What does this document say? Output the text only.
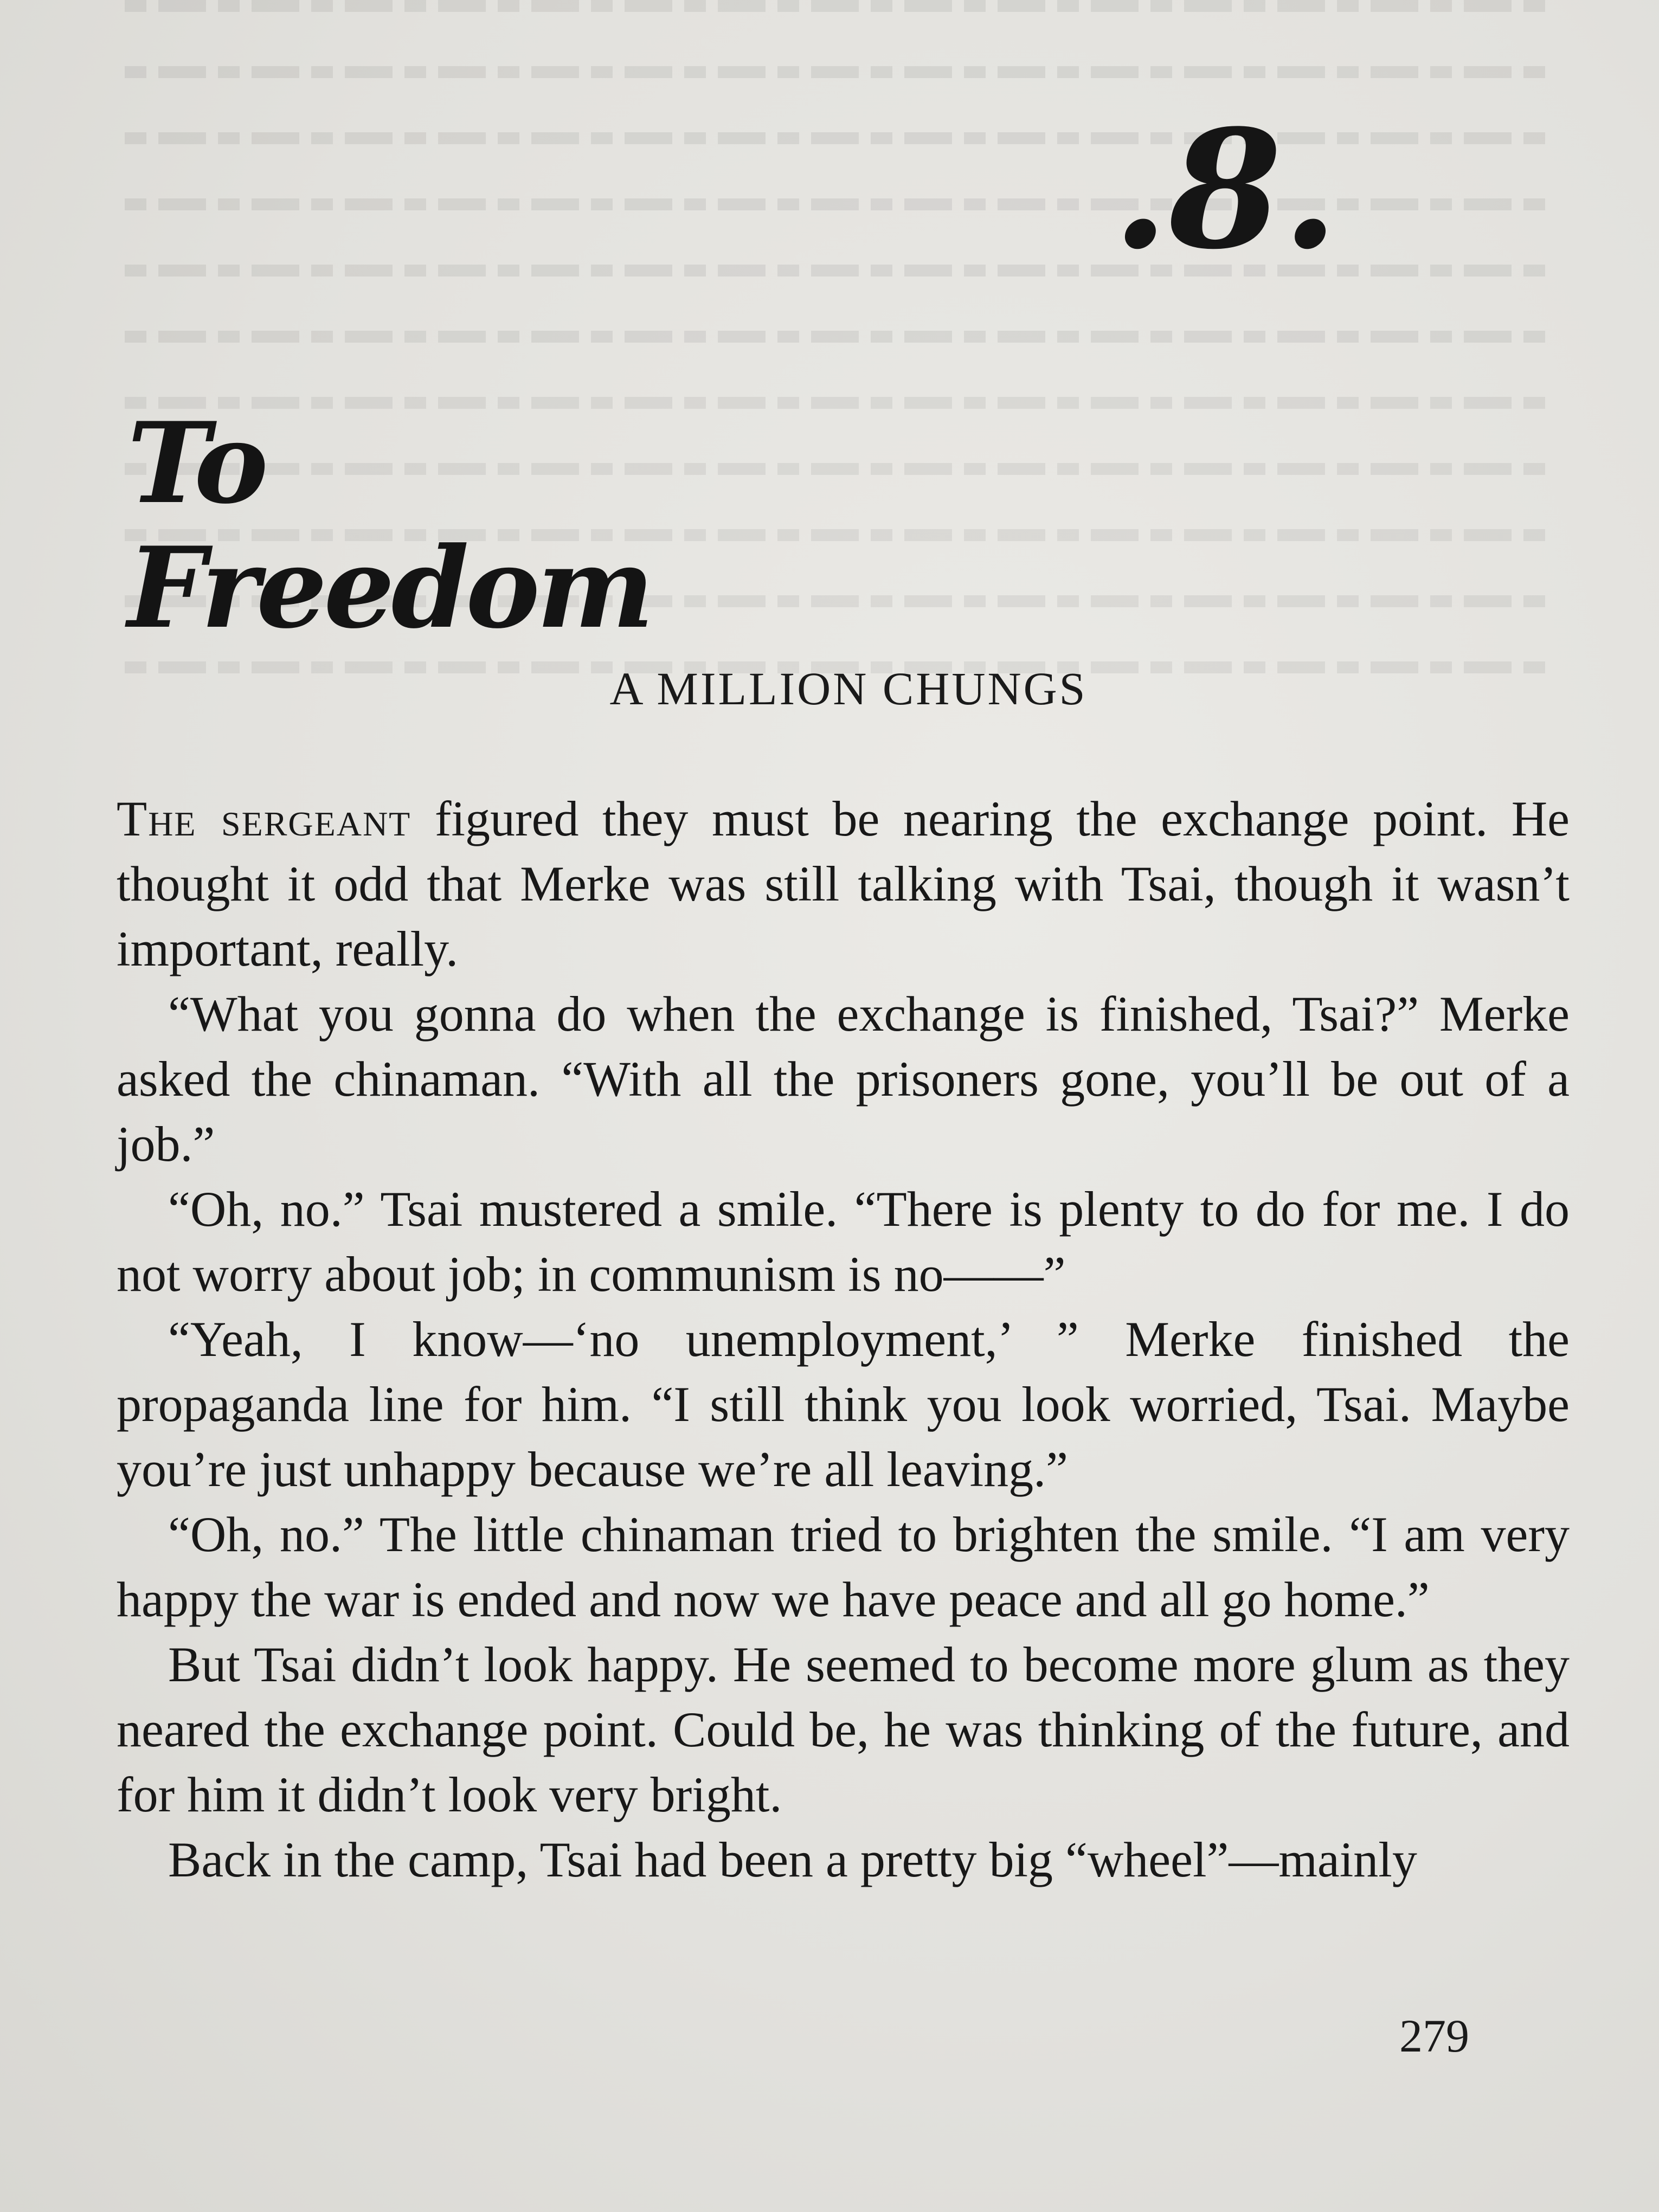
.8.
To Freedom
A MILLION CHUNGS

The sergeant figured they must be nearing the exchange point. He thought it odd that Merke was still talking with Tsai, though it wasn’t important, really.

“What you gonna do when the exchange is finished, Tsai?” Merke asked the chinaman. “With all the prisoners gone, you’ll be out of a job.”

“Oh, no.” Tsai mustered a smile. “There is plenty to do for me. I do not worry about job; in communism is no——”

“Yeah, I know—‘no unemployment,’ ” Merke finished the propaganda line for him. “I still think you look worried, Tsai. Maybe you’re just unhappy because we’re all leaving.”

“Oh, no.” The little chinaman tried to brighten the smile. “I am very happy the war is ended and now we have peace and all go home.”

But Tsai didn’t look happy. He seemed to become more glum as they neared the exchange point. Could be, he was thinking of the future, and for him it didn’t look very bright.

Back in the camp, Tsai had been a pretty big “wheel”—mainly

279
